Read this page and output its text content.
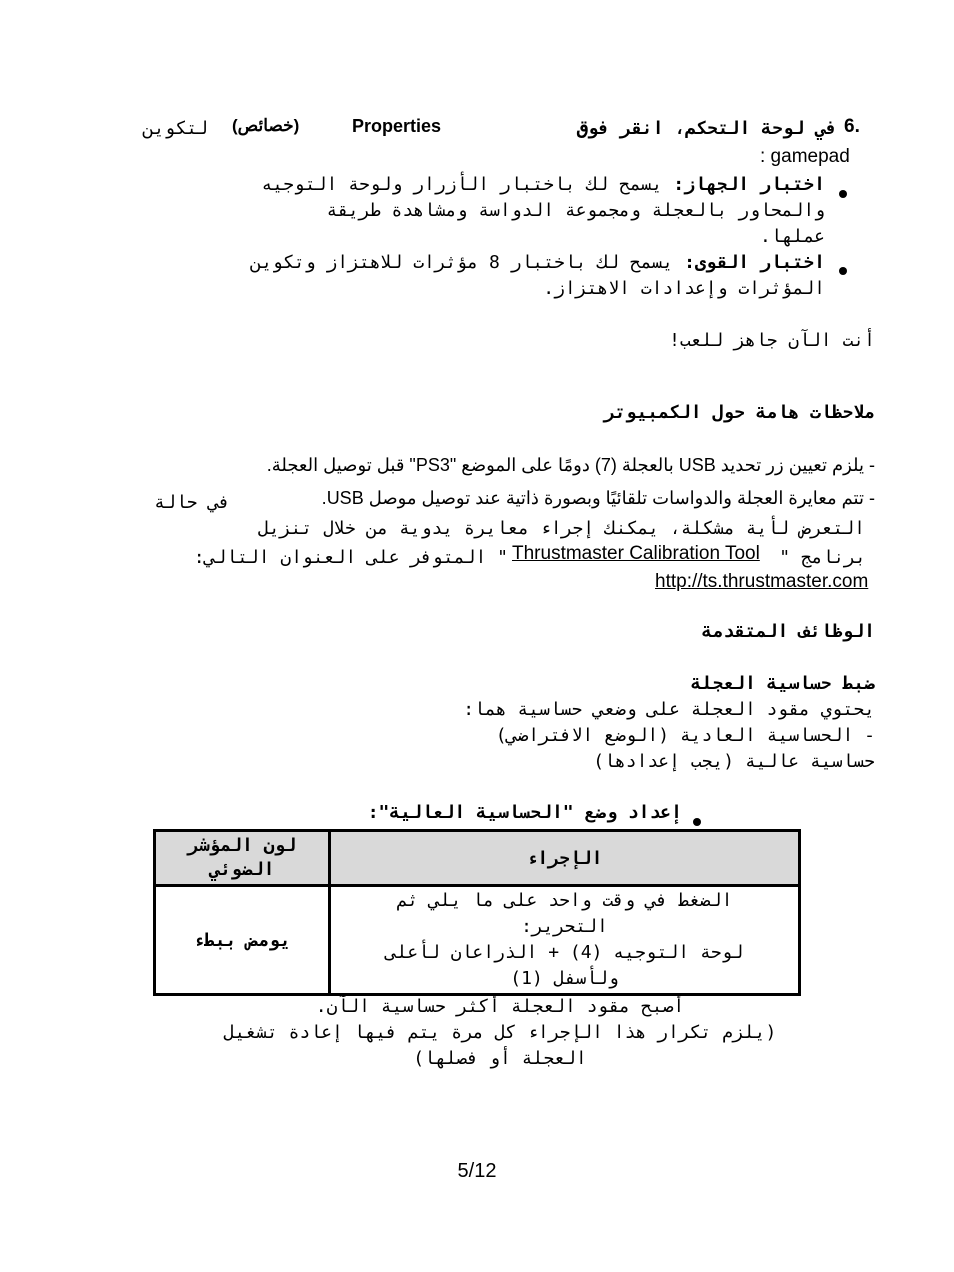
لتكوين (خصائص)	Properties	في لوحة التحكم، انقر فوق 6.
: gamepad
اختبار الجهاز: يسمح لك باختبار الأزرار ولوحة التوجيه
والمحاور بالعجلة ومجموعة الدواسة ومشاهدة طريقة
عملها.
اختبار القوى: يسمح لك باختبار 8 مؤثرات للاهتزاز وتكوين
المؤثرات وإعدادات الاهتزاز.
أنت الآن جاهز للعب!
ملاحظات هامة حول الكمبيوتر
- يلزم تعيين زر تحديد USB بالعجلة (7) دومًا على الموضع "PS3" قبل توصيل العجلة.
في حالة	- تتم معايرة العجلة والدواسات تلقائيًا وبصورة ذاتية عند توصيل موصل USB.
التعرض لأية مشكلة، يمكنك إجراء معايرة يدوية من خلال تنزيل
" المتوفر على العنوان التالي: Thrustmaster Calibration Tool	برنامج "
http://ts.thrustmaster.com
الوظائف المتقدمة
ضبط حساسية العجلة
يحتوي مقود العجلة على وضعي حساسية هما:
- الحساسية العادية (الوضع الافتراضي)
حساسية عالية (يجب إعدادها)
إعداد وضع "الحساسية العالية":
لون المؤشر الضوئي	الإجراء

يومض ببطء	الضغط في وقت واحد على ما يلي ثم
التحرير:
لوحة التوجيه (4) + الذراعان لأعلى
ولأسفل (1)
أصبح مقود العجلة أكثر حساسية الآن.
(يلزم تكرار هذا الإجراء كل مرة يتم فيها إعادة تشغيل
العجلة أو فصلها)
5/12
